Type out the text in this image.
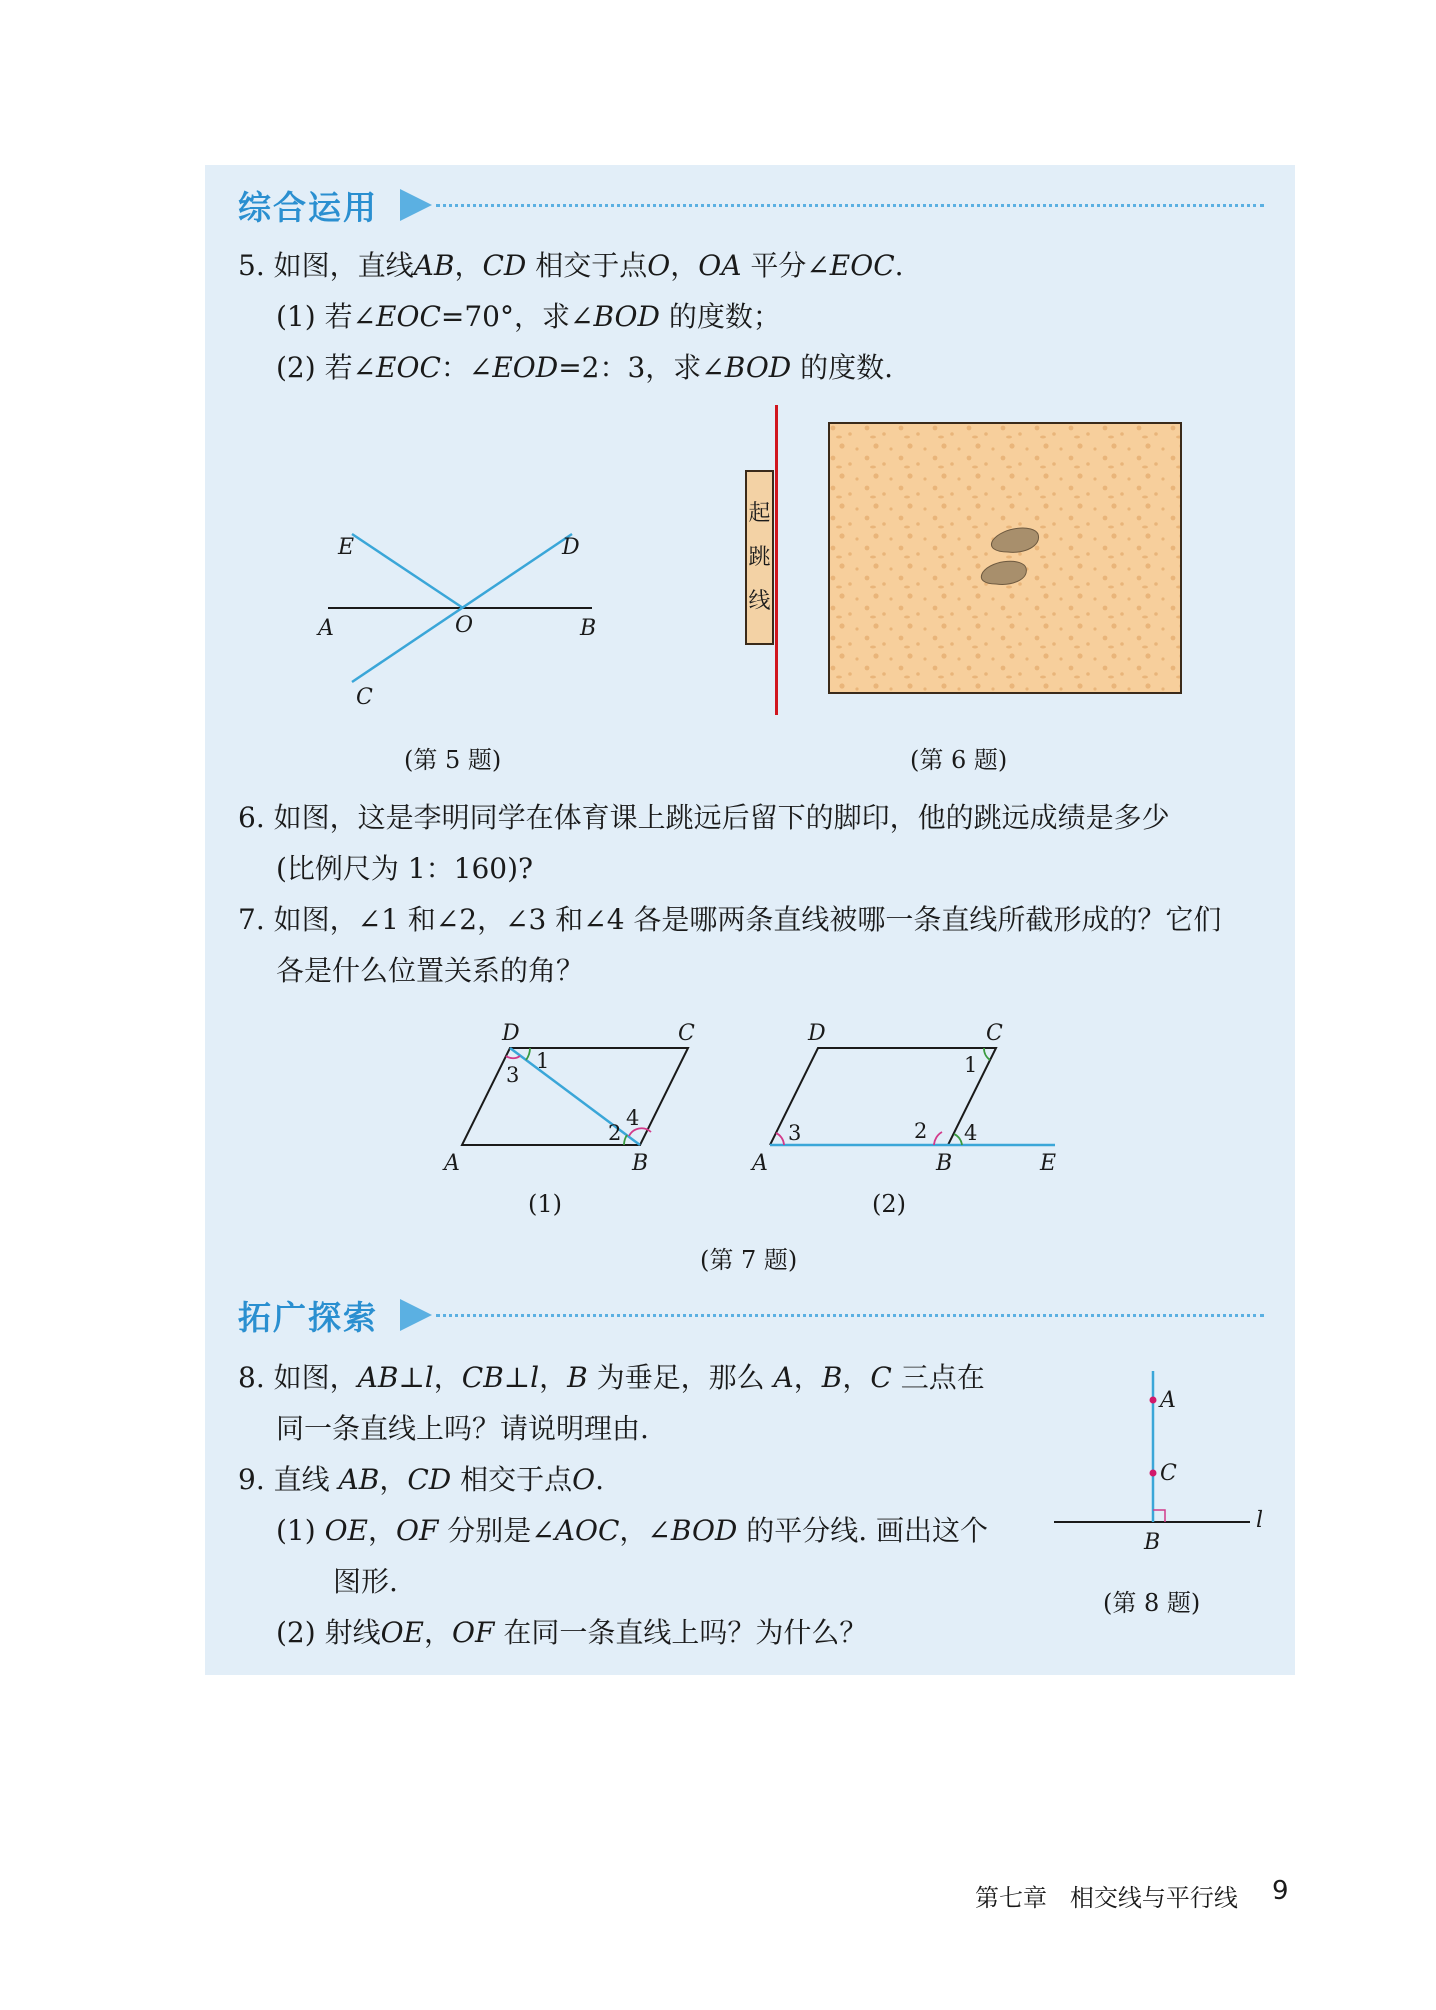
综合运用
5. 如图，直线AB，CD 相交于点O，OA 平分∠EOC.
(1) 若∠EOC=70°，求∠BOD 的度数；
(2) 若∠EOC：∠EOD=2：3，求∠BOD 的度数.
E	D
A	O	B
C
(第 5 题)
起
跳
线
(第 6 题)
6. 如图，这是李明同学在体育课上跳远后留下的脚印，他的跳远成绩是多少
(比例尺为 1：160)?
7. 如图，∠1 和∠2，∠3 和∠4 各是哪两条直线被哪一条直线所截形成的？它们
各是什么位置关系的角？
D	C
A	B
1
3
2
4
(1)
D	C
A	B	E
1
3	2 4
(2)
(第 7 题)
拓广探索
8. 如图，AB⊥l，CB⊥l，B 为垂足，那么 A，B，C 三点在
同一条直线上吗？请说明理由.
9. 直线 AB，CD 相交于点O.
(1) OE，OF 分别是∠AOC，∠BOD 的平分线. 画出这个
图形.
(2) 射线OE，OF 在同一条直线上吗？为什么？
A
C
B
l
(第 8 题)
第七章 相交线与平行线 9
